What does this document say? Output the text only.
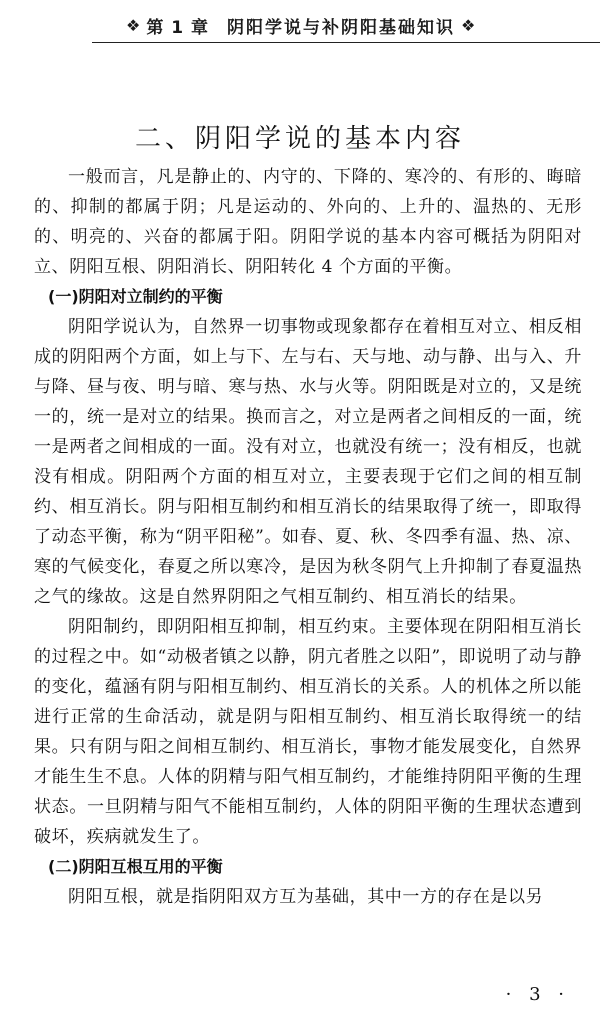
❖ 第 1 章 阴阳学说与补阴阳基础知识 ❖
二、阴阳学说的基本内容

一般而言，凡是静止的、内守的、下降的、寒冷的、有形的、晦暗的、抑制的都属于阴；凡是运动的、外向的、上升的、温热的、无形的、明亮的、兴奋的都属于阳。阴阳学说的基本内容可概括为阴阳对立、阴阳互根、阴阳消长、阴阳转化 4 个方面的平衡。

(一)阴阳对立制约的平衡

阴阳学说认为，自然界一切事物或现象都存在着相互对立、相反相成的阴阳两个方面，如上与下、左与右、天与地、动与静、出与入、升与降、昼与夜、明与暗、寒与热、水与火等。阴阳既是对立的，又是统一的，统一是对立的结果。换而言之，对立是两者之间相反的一面，统一是两者之间相成的一面。没有对立，也就没有统一；没有相反，也就没有相成。阴阳两个方面的相互对立，主要表现于它们之间的相互制约、相互消长。阴与阳相互制约和相互消长的结果取得了统一，即取得了动态平衡，称为“阴平阳秘”。如春、夏、秋、冬四季有温、热、凉、寒的气候变化，春夏之所以寒冷，是因为秋冬阴气上升抑制了春夏温热之气的缘故。这是自然界阴阳之气相互制约、相互消长的结果。

阴阳制约，即阴阳相互抑制，相互约束。主要体现在阴阳相互消长的过程之中。如“动极者镇之以静，阴亢者胜之以阳”，即说明了动与静的变化，蕴涵有阴与阳相互制约、相互消长的关系。人的机体之所以能进行正常的生命活动，就是阴与阳相互制约、相互消长取得统一的结果。只有阴与阳之间相互制约、相互消长，事物才能发展变化，自然界才能生生不息。人体的阴精与阳气相互制约，才能维持阴阳平衡的生理状态。一旦阴精与阳气不能相互制约，人体的阴阳平衡的生理状态遭到破坏，疾病就发生了。

(二)阴阳互根互用的平衡

阴阳互根，就是指阴阳双方互为基础，其中一方的存在是以另

· 3 ·
